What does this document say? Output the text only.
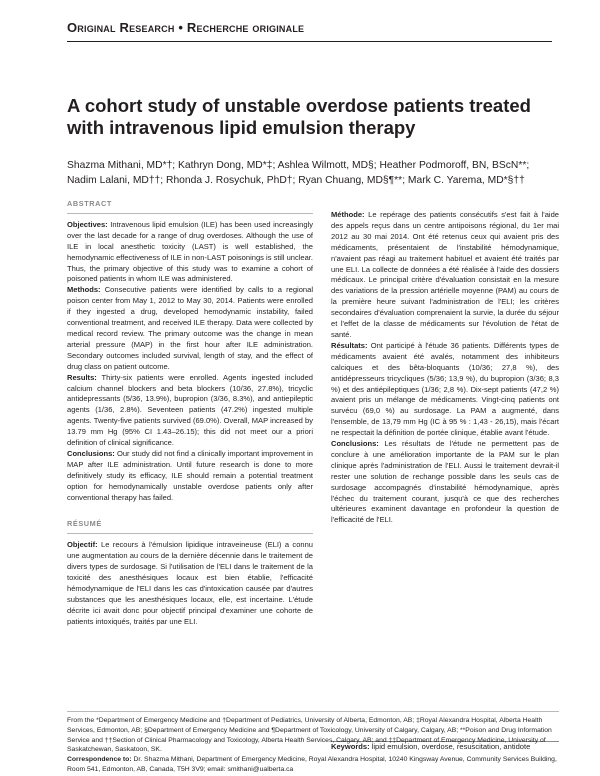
Original Research • Recherche originale
A cohort study of unstable overdose patients treated with intravenous lipid emulsion therapy
Shazma Mithani, MD*†; Kathryn Dong, MD*‡; Ashlea Wilmott, MD§; Heather Podmoroff, BN, BScN**; Nadim Lalani, MD††; Rhonda J. Rosychuk, PhD†; Ryan Chuang, MD§¶**; Mark C. Yarema, MD*§††
ABSTRACT

Objectives: Intravenous lipid emulsion (ILE) has been used increasingly over the last decade for a range of drug overdoses. Although the use of ILE in local anesthetic toxicity (LAST) is well established, the hemodynamic effectiveness of ILE in non-LAST poisonings is still unclear. Thus, the primary objective of this study was to examine a cohort of poisoned patients in whom ILE was administered.

Methods: Consecutive patients were identified by calls to a regional poison center from May 1, 2012 to May 30, 2014. Patients were enrolled if they ingested a drug, developed hemodynamic instability, failed conventional treatment, and received ILE therapy. Data were collected by medical record review. The primary outcome was the change in mean arterial pressure (MAP) in the first hour after ILE administration. Secondary outcomes included survival, length of stay, and the effect of drug class on patient outcome.

Results: Thirty-six patients were enrolled. Agents ingested included calcium channel blockers and beta blockers (10/36, 27.8%), tricyclic antidepressants (5/36, 13.9%), bupropion (3/36, 8.3%), and antiepileptic agents (1/36, 2.8%). Seventeen patients (47.2%) ingested multiple agents. Twenty-five patients survived (69.0%). Overall, MAP increased by 13.79 mm Hg (95% CI 1.43–26.15); this did not meet our a priori definition of clinical significance.

Conclusions: Our study did not find a clinically important improvement in MAP after ILE administration. Until future research is done to more definitively study its efficacy, ILE should remain a potential treatment option for hemodynamically unstable overdose patients only after conventional therapy has failed.

RÉSUMÉ

Objectif: Le recours à l'émulsion lipidique intraveineuse (ELI) a connu une augmentation au cours de la dernière décennie dans le traitement de divers types de surdosage. Si l'utilisation de l'ELI dans le traitement de la toxicité des anesthésiques locaux est bien établie, l'efficacité hémodynamique de l'ELI dans les cas d'intoxication causée par d'autres substances que les anesthésiques locaux, elle, est incertaine. L'étude décrite ici avait donc pour objectif principal d'examiner une cohorte de patients intoxiqués, traités par une ELI.

Méthode: Le repérage des patients consécutifs s'est fait à l'aide des appels reçus dans un centre antipoisons régional, du 1er mai 2012 au 30 mai 2014. Ont été retenus ceux qui avaient pris des médicaments, présentaient de l'instabilité hémodynamique, n'avaient pas réagi au traitement habituel et avaient été traités par une ELI. La collecte de données a été réalisée à l'aide des dossiers médicaux. Le principal critère d'évaluation consistait en la mesure des variations de la pression artérielle moyenne (PAM) au cours de la première heure suivant l'administration de l'ELI; les critères secondaires d'évaluation comprenaient la survie, la durée du séjour et l'effet de la classe de médicaments sur l'évolution de l'état de santé.

Résultats: Ont participé à l'étude 36 patients. Différents types de médicaments avaient été avalés, notamment des inhibiteurs calciques et des bêta-bloquants (10/36; 27,8 %), des antidépresseurs tricycliques (5/36; 13,9 %), du bupropion (3/36; 8,3 %) et des antiépileptiques (1/36; 2,8 %). Dix-sept patients (47,2 %) avaient pris un mélange de médicaments. Vingt-cinq patients ont survécu (69,0 %) au surdosage. La PAM a augmenté, dans l'ensemble, de 13,79 mm Hg (IC à 95 % : 1,43 - 26,15), mais l'écart ne respectait la définition de portée clinique, établie avant l'étude.

Conclusions: Les résultats de l'étude ne permettent pas de conclure à une amélioration importante de la PAM sur le plan clinique après l'administration de l'ELI. Aussi le traitement devrait-il rester une solution de rechange possible dans les seuls cas de surdosage accompagnés d'instabilité hémodynamique, après l'échec du traitement courant, jusqu'à ce que des recherches ultérieures examinent davantage en profondeur la question de l'efficacité de l'ELI.

Keywords: lipid emulsion, overdose, resuscitation, antidote
From the *Department of Emergency Medicine and †Department of Pediatrics, University of Alberta, Edmonton, AB; ‡Royal Alexandra Hospital, Alberta Health Services, Edmonton, AB; §Department of Emergency Medicine and ¶Department of Toxicology, University of Calgary, Calgary, AB; **Poison and Drug Information Service and ††Section of Clinical Pharmacology and Toxicology, Alberta Health Services, Calgary, AB; and ‡‡Department of Emergency Medicine, University of Saskatchewan, Saskatoon, SK.
Correspondence to: Dr. Shazma Mithani, Department of Emergency Medicine, Royal Alexandra Hospital, 10240 Kingsway Avenue, Community Services Building, Room 541, Edmonton, AB, Canada, T5H 3V9; email: smithani@ualberta.ca
